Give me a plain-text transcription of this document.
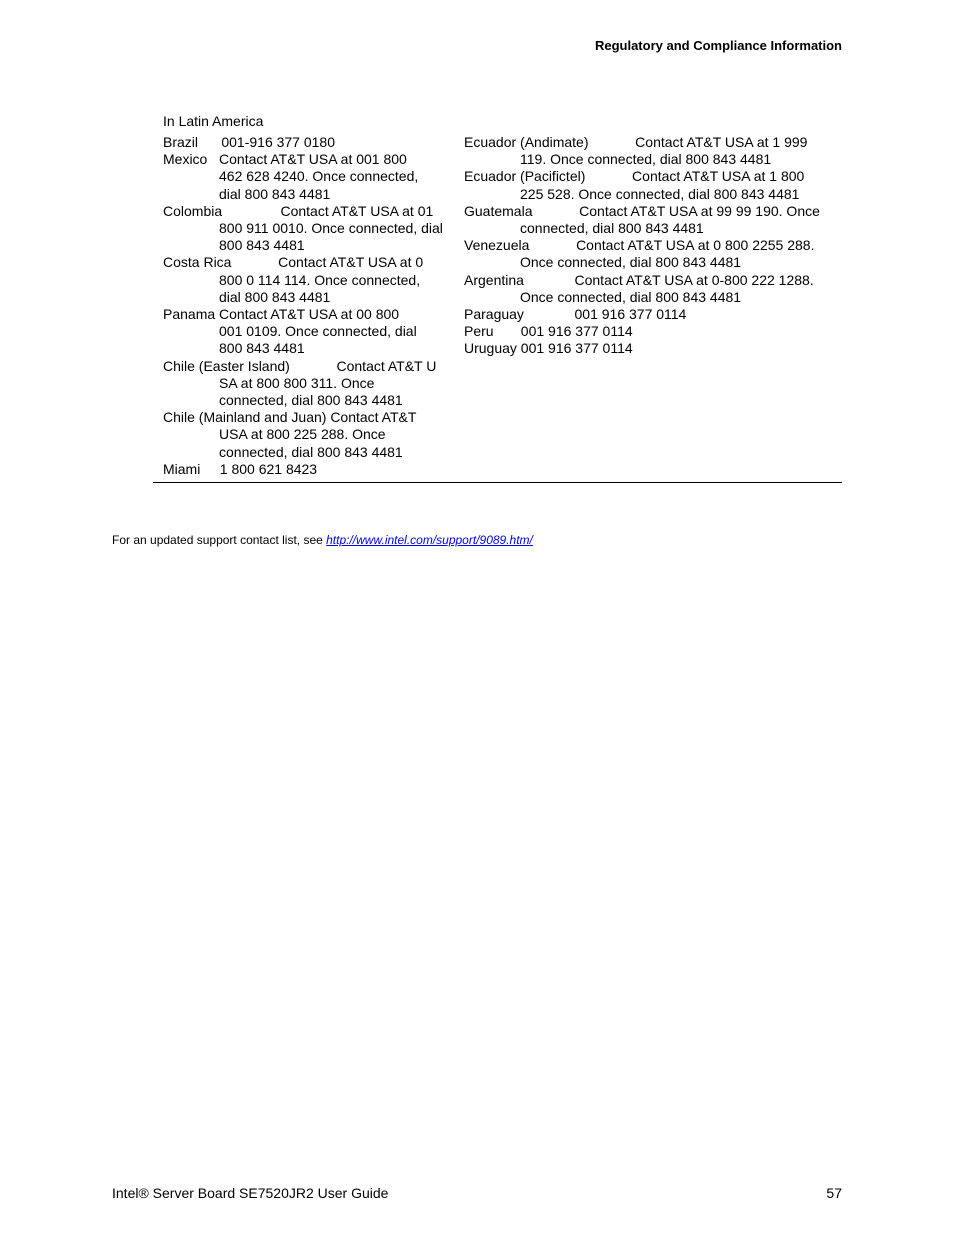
Regulatory and Compliance Information
In Latin America
Brazil      001-916 377 0180
Mexico   Contact AT&T USA at 001 800
462 628 4240. Once connected,
dial 800 843 4481
Colombia               Contact AT&T USA at 01
800 911 0010. Once connected, dial
800 843 4481
Costa Rica            Contact AT&T USA at 0
800 0 114 114. Once connected,
dial 800 843 4481
Panama Contact AT&T USA at 00 800
001 0109. Once connected, dial
800 843 4481
Chile (Easter Island)            Contact AT&T U
SA at 800 800 311. Once
connected, dial 800 843 4481
Chile (Mainland and Juan) Contact AT&T
USA at 800 225 288. Once
connected, dial 800 843 4481
Miami     1 800 621 8423
Ecuador (Andimate)            Contact AT&T USA at 1 999
119. Once connected, dial 800 843 4481
Ecuador (Pacifictel)            Contact AT&T USA at 1 800
225 528. Once connected, dial 800 843 4481
Guatemala            Contact AT&T USA at 99 99 190. Once
connected, dial 800 843 4481
Venezuela            Contact AT&T USA at 0 800 2255 288.
Once connected, dial 800 843 4481
Argentina             Contact AT&T USA at 0-800 222 1288.
Once connected, dial 800 843 4481
Paraguay             001 916 377 0114
Peru       001 916 377 0114
Uruguay 001 916 377 0114
For an updated support contact list, see http://www.intel.com/support/9089.htm/
Intel® Server Board SE7520JR2 User Guide	57
